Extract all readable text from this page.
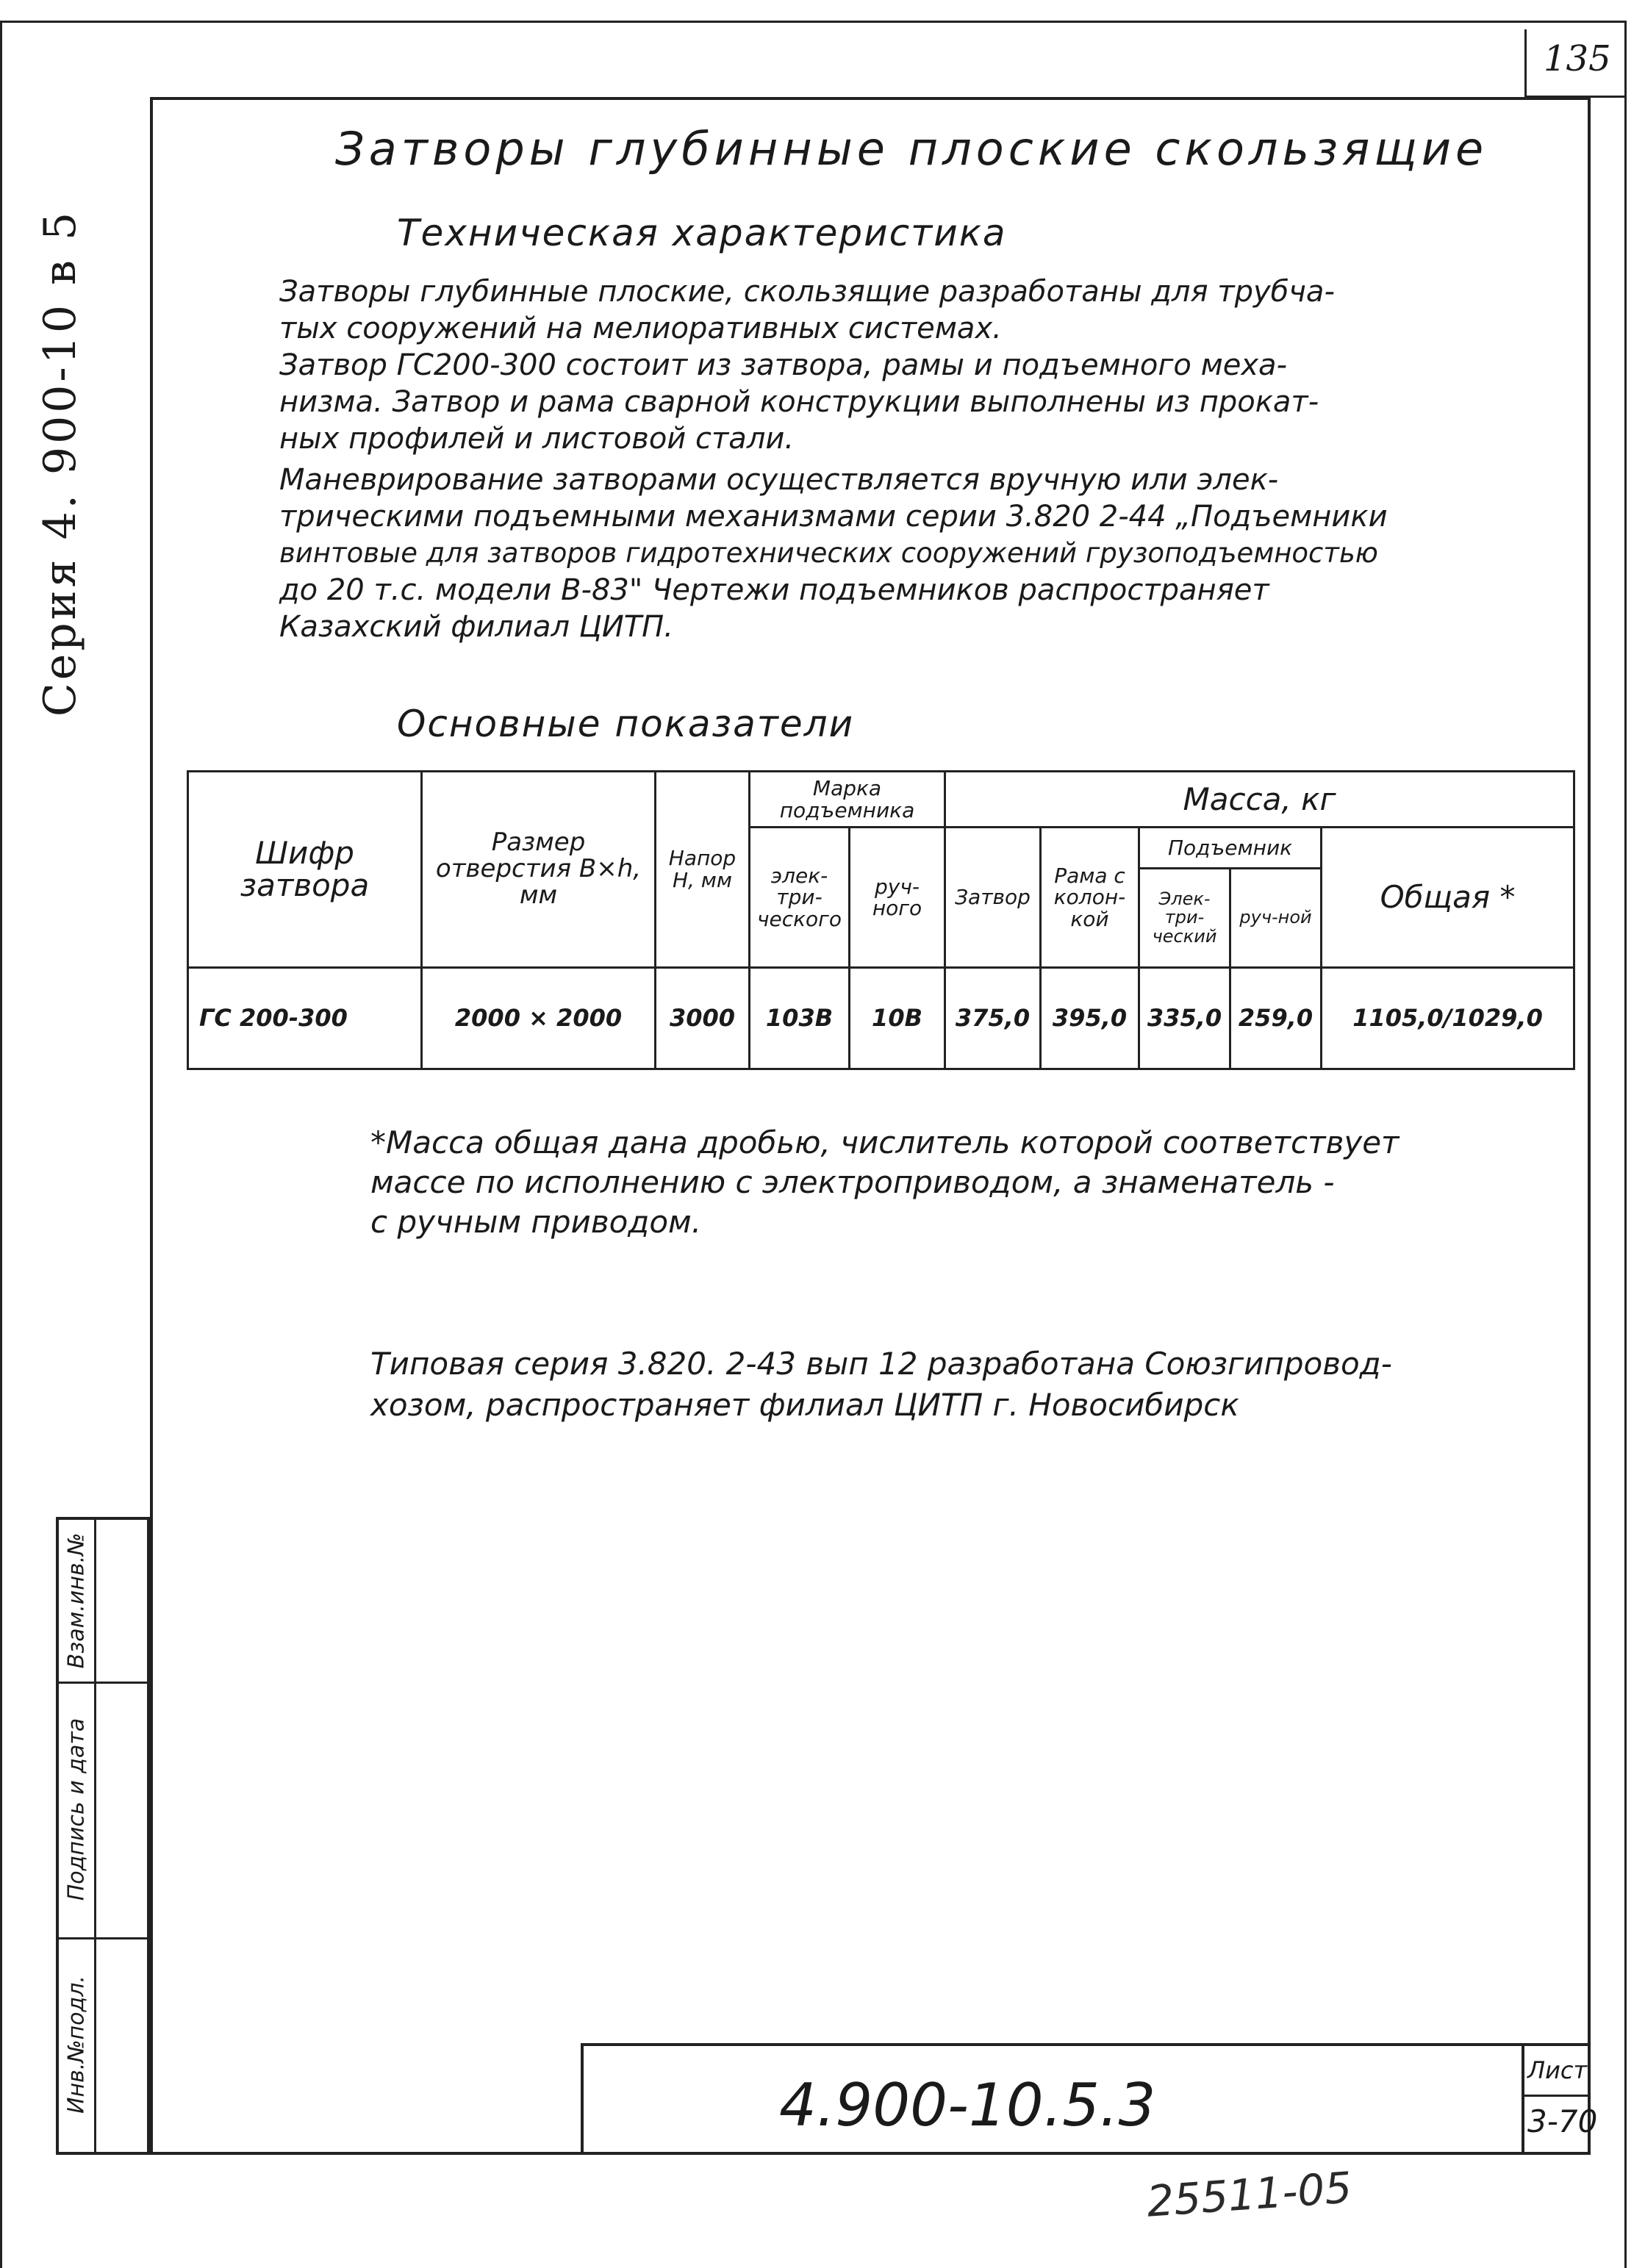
135
Серия 4. 900-10 в 5
Затворы глубинные плоские скользящие
Техническая характеристика
Затворы глубинные плоские, скользящие разработаны для трубча-
тых сооружений на мелиоративных системах.
Затвор ГС200-300 состоит из затвора, рамы и подъемного меха-
низма. Затвор и рама сварной конструкции выполнены из прокат-
ных профилей и листовой стали.
Маневрирование затворами осуществляется вручную или элек-
трическими подъемными механизмами серии 3.820 2-44 „Подъемники
винтовые для затворов гидротехнических сооружений грузоподъемностью
до 20 т.с. модели В-83" Чертежи подъемников распространяет
Казахский филиал ЦИТП.
Основные показатели
Шифр затвора	Размер отверстия В×h, мм	Напор Н, мм	Марка подъемника		Масса, кг				
			элек-три-ческого	руч-ного	Затвор	Рама с колон-кой	Подъемник		Общая *
							Элек-три-ческий	руч-ной	
ГС 200-300	2000 × 2000	3000	103В	10В	375,0	395,0	335,0	259,0	1105,0/1029,0
*Масса общая дана дробью, числитель которой соответствует
массе по исполнению с электроприводом, а знаменатель -
с ручным приводом.
Типовая серия 3.820. 2-43 вып 12 разработана Союзгипровод-
хозом, распространяет филиал ЦИТП г. Новосибирск
Взам.инв.№
Подпись и дата
Инв.№подл.	4.900-10.5.3
Лист
3-70
25511-05
